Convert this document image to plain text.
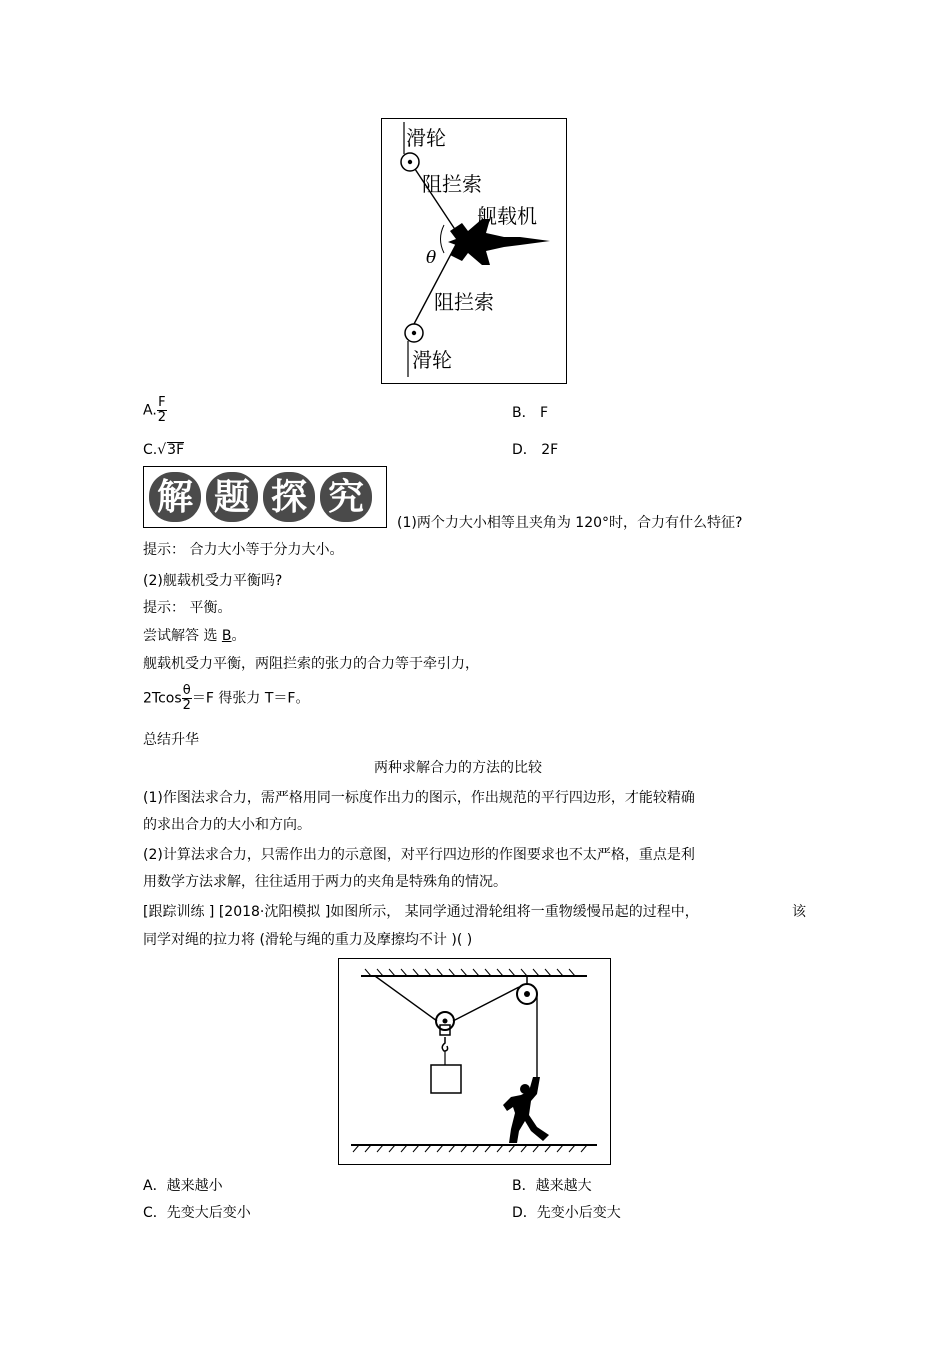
滑轮
阻拦索
舰载机
θ
阻拦索
滑轮
A. $\frac{F}{2}$	B． F
C.√3F	D． 2F
解 题 探 究
(1)两个力大小相等且夹角为 120°时，合力有什么特征?
提示： 合力大小等于分力大小。
(2)舰载机受力平衡吗?
提示： 平衡。
尝试解答 选 B。
舰载机受力平衡，两阻拦索的张力的合力等于牵引力，
$2Tcos \frac{\theta}{2} =F$ 得张力 T＝F。
总结升华
两种求解合力的方法的比较
(1)作图法求合力，需严格用同一标度作出力的图示，作出规范的平行四边形，才能较精确
的求出合力的大小和方向。
(2)计算法求合力，只需作出力的示意图，对平行四边形的作图要求也不太严格，重点是利
用数学方法求解，往往适用于两力的夹角是特殊角的情况。
[跟踪训练 ] [2018·沈阳模拟 ]如图所示， 某同学通过滑轮组将一重物缓慢吊起的过程中，	该
同学对绳的拉力将 (滑轮与绳的重力及摩擦均不计 )( )
A．越来越小	B．越来越大
C．先变大后变小	D．先变小后变大
